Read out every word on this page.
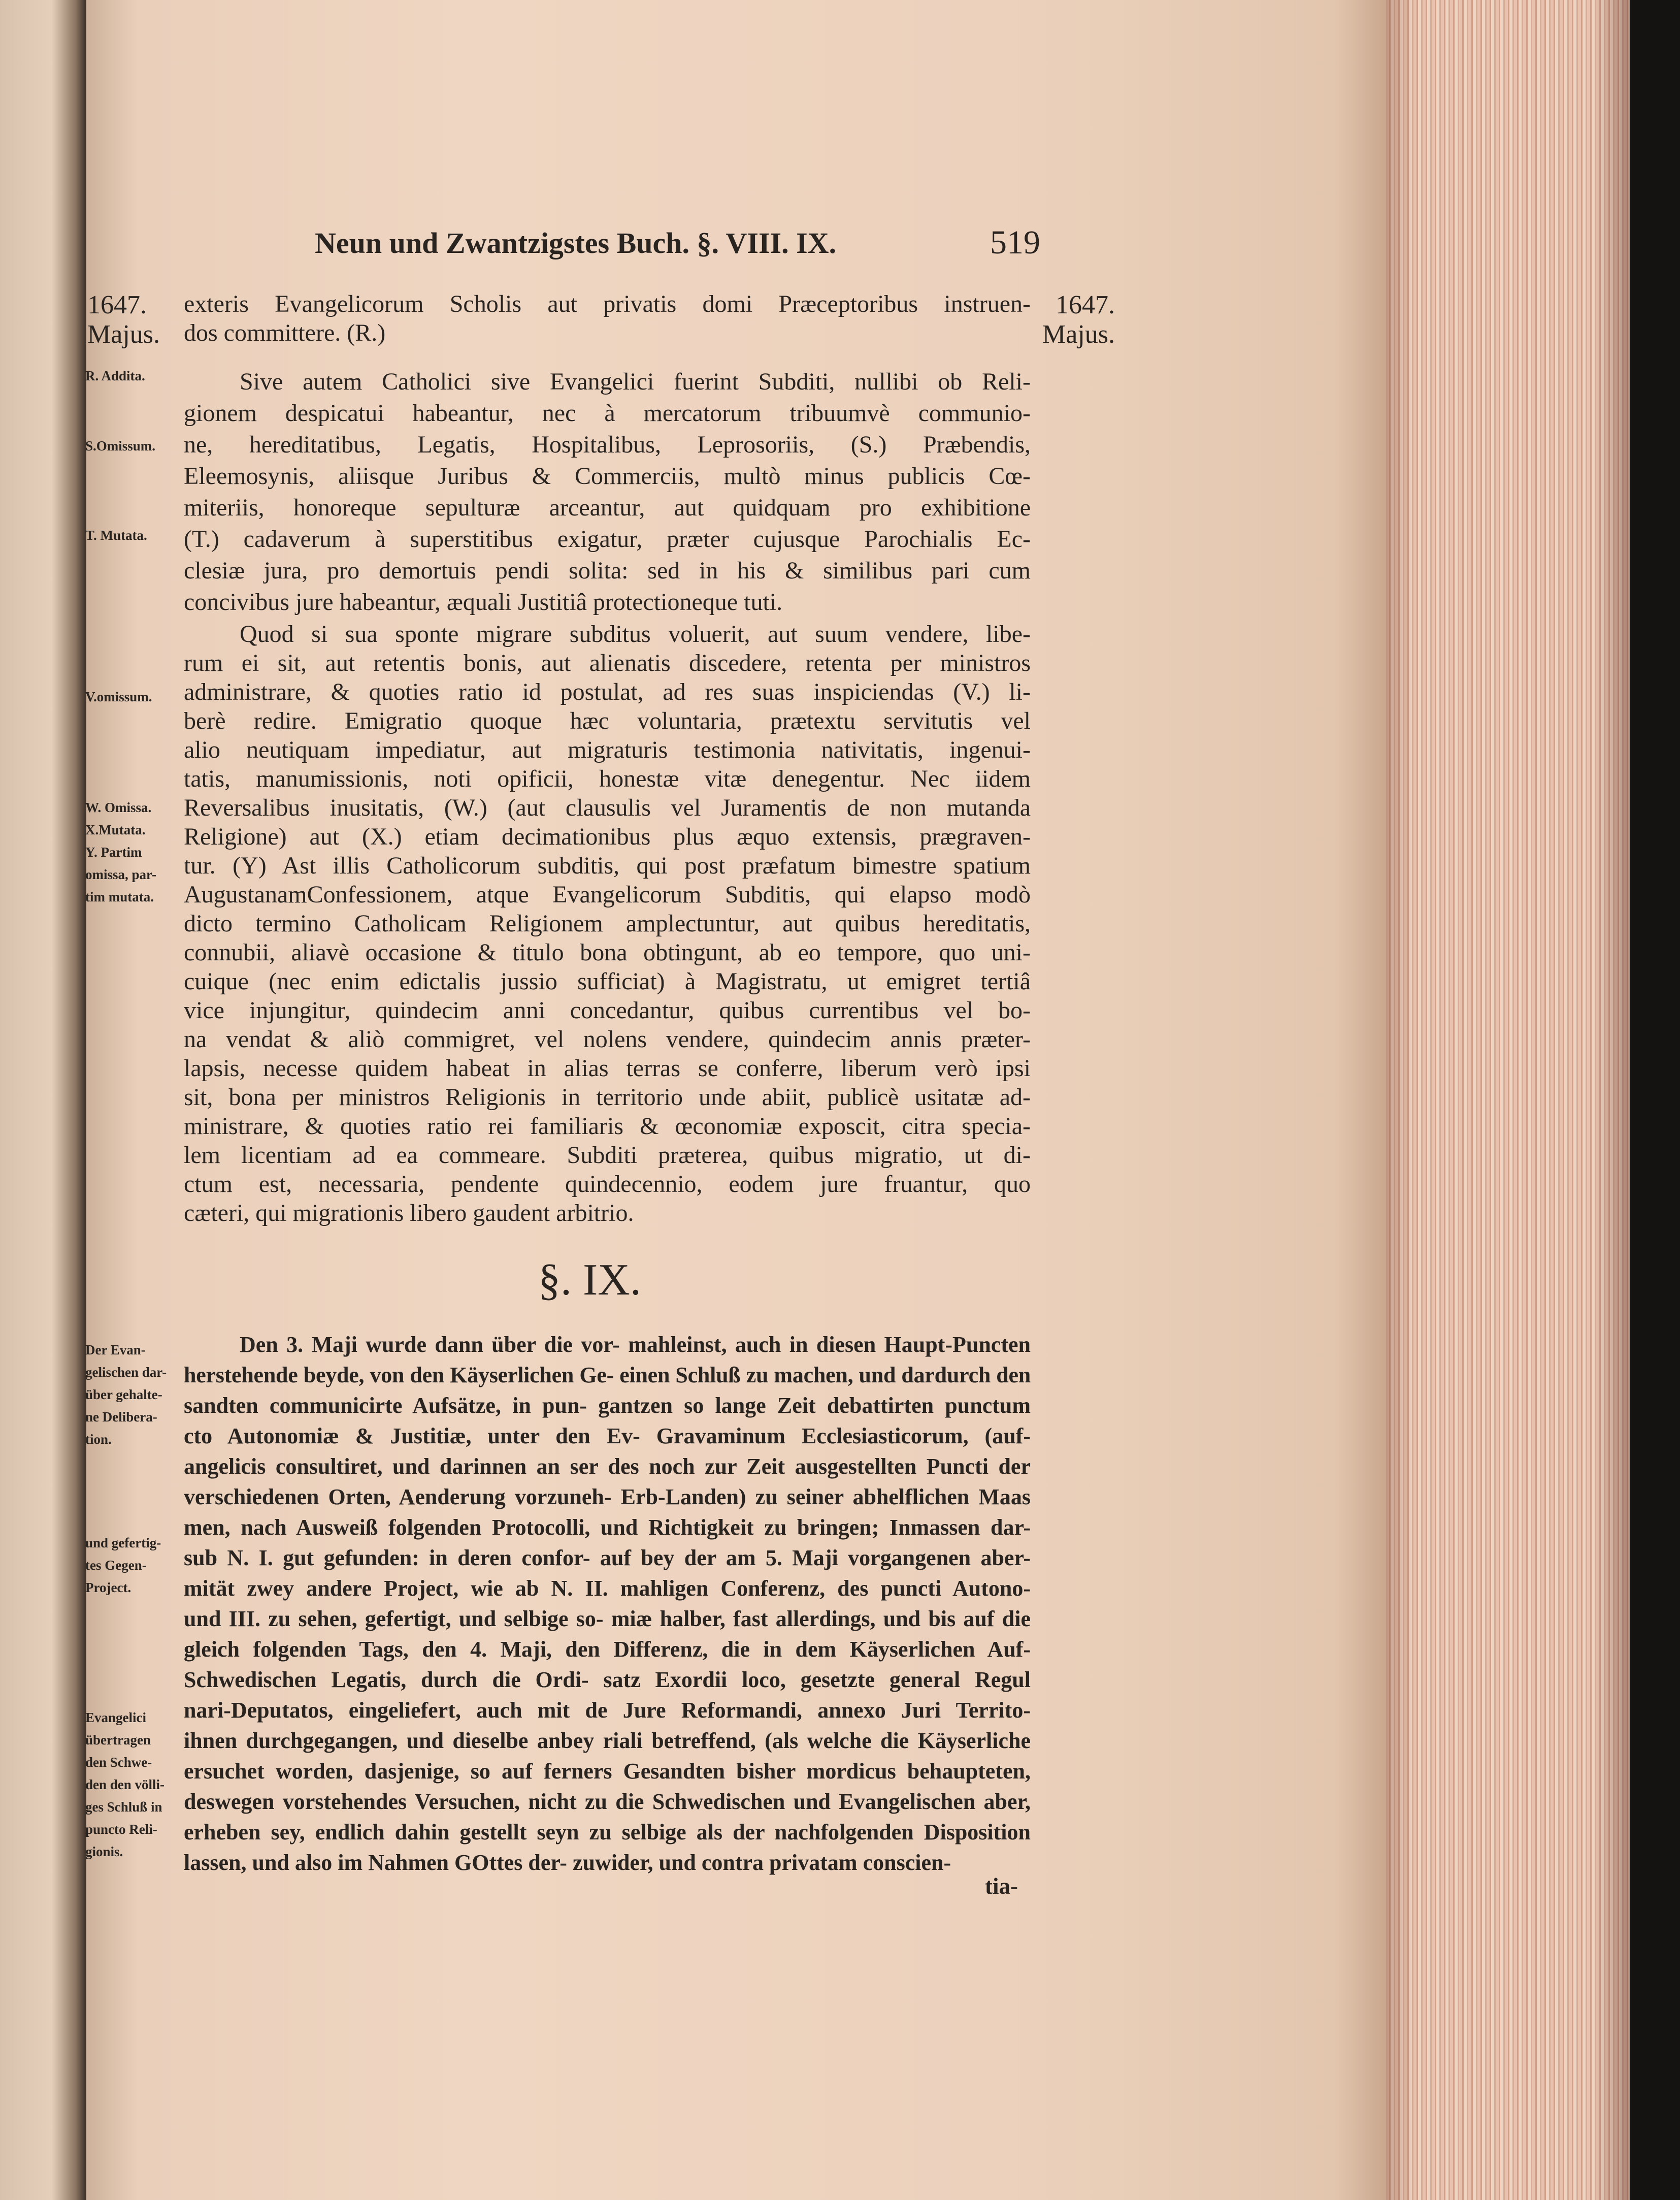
Neun und Zwantzigstes Buch. §. VIII. IX.	519
1647.
Majus.
1647.
Majus.
exteris Evangelicorum Scholis aut privatis domi Præceptoribus instruen-
dos committere. (R.)
Sive autem Catholici sive Evangelici fuerint Subditi, nullibi ob Reli-
gionem despicatui habeantur, nec à mercatorum tribuumvè communio-
ne, hereditatibus, Legatis, Hospitalibus, Leprosoriis, (S.) Præbendis,
Eleemosynis, aliisque Juribus & Commerciis, multò minus publicis Cœ-
miteriis, honoreque sepulturæ arceantur, aut quidquam pro exhibitione
(T.) cadaverum à superstitibus exigatur, præter cujusque Parochialis Ec-
clesiæ jura, pro demortuis pendi solita: sed in his & similibus pari cum
concivibus jure habeantur, æquali Justitiâ protectioneque tuti.
Quod si sua sponte migrare subditus voluerit, aut suum vendere, libe-
rum ei sit, aut retentis bonis, aut alienatis discedere, retenta per ministros
administrare, & quoties ratio id postulat, ad res suas inspiciendas (V.) li-
berè redire. Emigratio quoque hæc voluntaria, prætextu servitutis vel
alio neutiquam impediatur, aut migraturis testimonia nativitatis, ingenui-
tatis, manumissionis, noti opificii, honestæ vitæ denegentur. Nec iidem
Reversalibus inusitatis, (W.) (aut clausulis vel Juramentis de non mutanda
Religione) aut (X.) etiam decimationibus plus æquo extensis, prægraven-
tur. (Y) Ast illis Catholicorum subditis, qui post præfatum bimestre spatium
AugustanamConfessionem, atque Evangelicorum Subditis, qui elapso modò
dicto termino Catholicam Religionem amplectuntur, aut quibus hereditatis,
connubii, aliavè occasione & titulo bona obtingunt, ab eo tempore, quo uni-
cuique (nec enim edictalis jussio sufficiat) à Magistratu, ut emigret tertiâ
vice injungitur, quindecim anni concedantur, quibus currentibus vel bo-
na vendat & aliò commigret, vel nolens vendere, quindecim annis præter-
lapsis, necesse quidem habeat in alias terras se conferre, liberum verò ipsi
sit, bona per ministros Religionis in territorio unde abiit, publicè usitatæ ad-
ministrare, & quoties ratio rei familiaris & œconomiæ exposcit, citra specia-
lem licentiam ad ea commeare. Subditi præterea, quibus migratio, ut di-
ctum est, necessaria, pendente quindecennio, eodem jure fruantur, quo
cæteri, qui migrationis libero gaudent arbitrio.
§. IX.
Den 3. Maji wurde dann über die vor- mahleinst, auch in diesen Haupt-Puncten
herstehende beyde, von den Käyserlichen Ge- einen Schluß zu machen, und dardurch den
sandten communicirte Aufsätze, in pun- gantzen so lange Zeit debattirten punctum
cto Autonomiæ & Justitiæ, unter den Ev- Gravaminum Ecclesiasticorum, (auf-
angelicis consultiret, und darinnen an ser des noch zur Zeit ausgestellten Puncti der
verschiedenen Orten, Aenderung vorzuneh- Erb-Landen) zu seiner abhelflichen Maas
men, nach Ausweiß folgenden Protocolli, und Richtigkeit zu bringen; Inmassen dar-
sub N. I. gut gefunden: in deren confor- auf bey der am 5. Maji vorgangenen aber-
mität zwey andere Project, wie ab N. II. mahligen Conferenz, des puncti Autono-
und III. zu sehen, gefertigt, und selbige so- miæ halber, fast allerdings, und bis auf die
gleich folgenden Tags, den 4. Maji, den Differenz, die in dem Käyserlichen Auf-
Schwedischen Legatis, durch die Ordi- satz Exordii loco, gesetzte general Regul
nari-Deputatos, eingeliefert, auch mit de Jure Reformandi, annexo Juri Territo-
ihnen durchgegangen, und dieselbe anbey riali betreffend, (als welche die Käyserliche
ersuchet worden, dasjenige, so auf ferners Gesandten bisher mordicus behaupteten,
deswegen vorstehendes Versuchen, nicht zu die Schwedischen und Evangelischen aber,
erheben sey, endlich dahin gestellt seyn zu selbige als der nachfolgenden Disposition
lassen, und also im Nahmen GOttes der- zuwider, und contra privatam conscien-
tia-
R. Addita.
S.Omissum.
T. Mutata.
V.omissum.
W. Omissa.
X.Mutata.
Y. Partim
omissa, par-
tim mutata.
Der Evan-
gelischen dar-
über gehalte-
ne Delibera-
tion.
und gefertig-
tes Gegen-
Project.
Evangelici
übertragen
den Schwe-
den den völli-
ges Schluß in
puncto Reli-
gionis.
